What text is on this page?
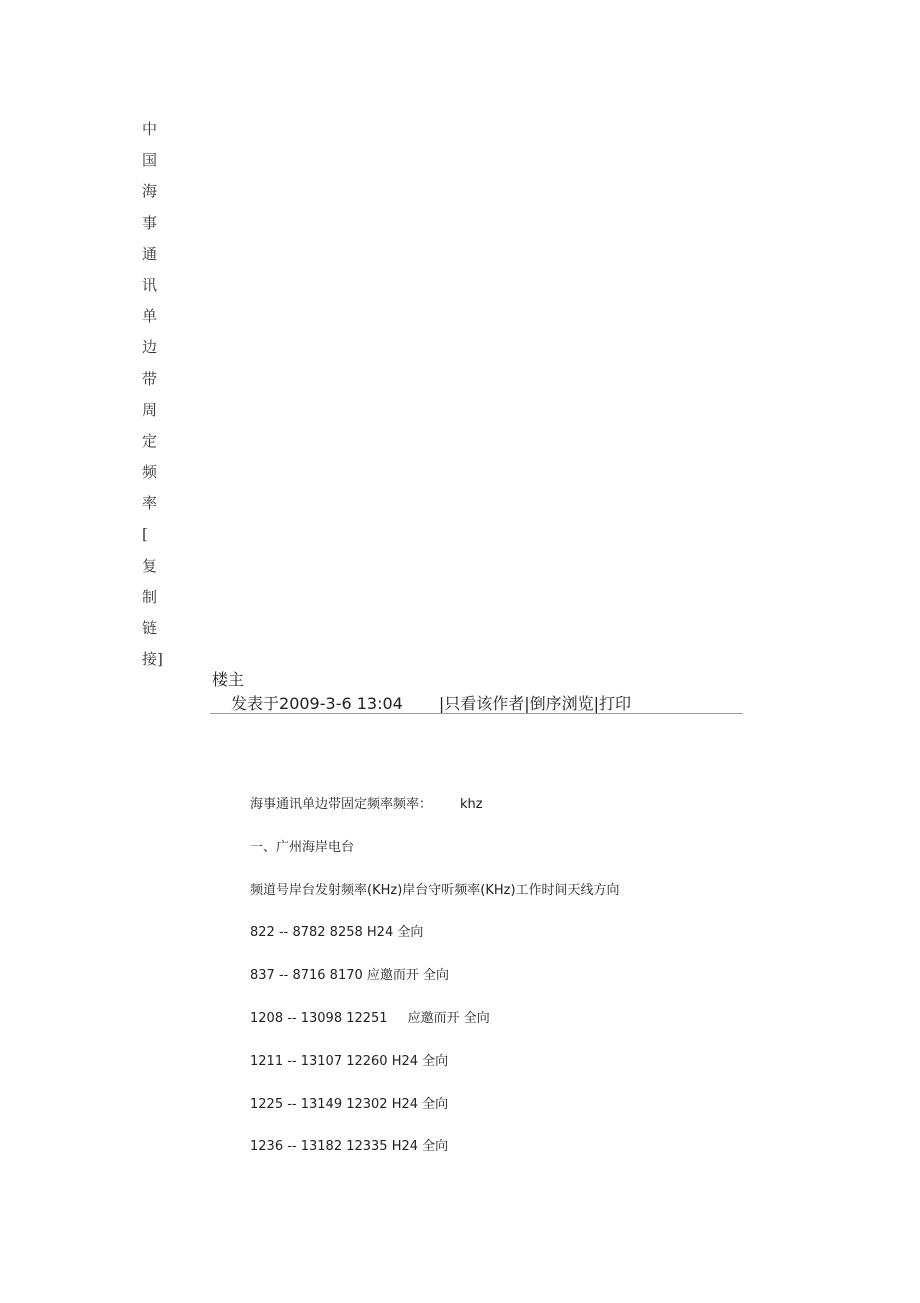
中
国
海
事
通
讯
单
边
带
周
定
频
率
[
复
制
链
接]
楼主
发表于2009-3-6 13:04 |只看该作者|倒序浏览|打印
海事通讯单边带固定频率频率： khz
一、广州海岸电台
频道号岸台发射频率(KHz)岸台守听频率(KHz)工作时间天线方向
822 -- 8782 8258 H24 全向
837 -- 8716 8170 应邀而开 全向
1208 -- 13098 12251 应邀而开 全向
1211 -- 13107 12260 H24 全向
1225 -- 13149 12302 H24 全向
1236 -- 13182 12335 H24 全向
